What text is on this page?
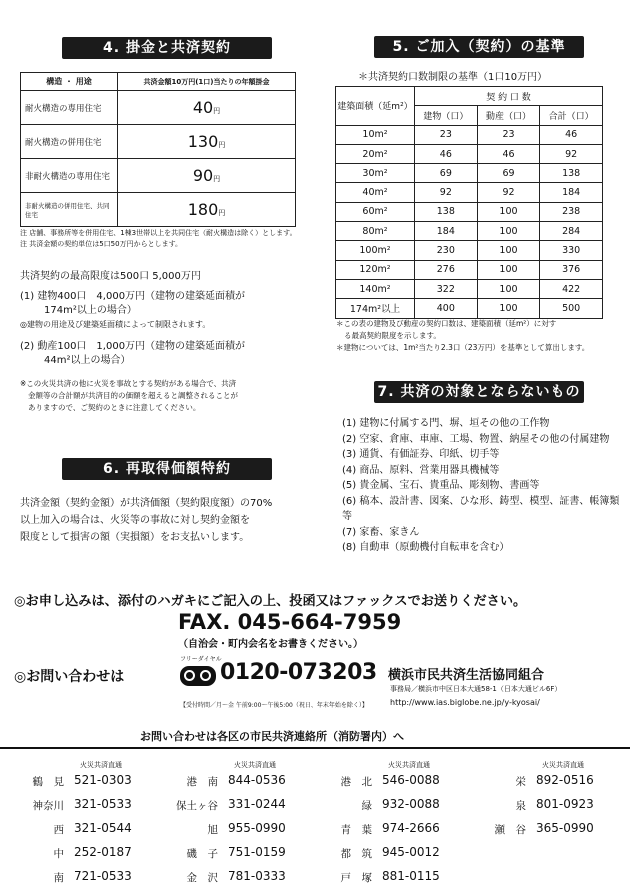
4. 掛金と共済契約
構造 ・ 用途	共済金額10万円(1口)当たりの年額掛金
耐火構造の専用住宅	40円
耐火構造の併用住宅	130円
非耐火構造の専用住宅	90円
非耐火構造の併用住宅、共同住宅	180円
注 店舗、事務所等を併用住宅、1棟3世帯以上を共同住宅（耐火構造は除く）とします。
注 共済金額の契約単位は5口50万円からとします。
共済契約の最高限度は500口 5,000万円
(1) 建物400口　4,000万円（建物の建築延面積が
174m²以上の場合）
◎建物の用途及び建築延面積によって制限されます。
(2) 動産100口　1,000万円（建物の建築延面積が
44m²以上の場合）
※この火災共済の他に火災を事故とする契約がある場合で、共済
金額等の合計額が共済目的の価額を超えると調整されることが
ありますので、ご契約のときに注意してください。
6. 再取得価額特約
共済金額（契約金額）が共済価額（契約限度額）の70%
以上加入の場合は、火災等の事故に対し契約金額を
限度として損害の額（実損額）をお支払いします。
5. ご加入（契約）の基準
＊共済契約口数制限の基準（1口10万円）
建築面積（延m²）	契 約 口 数		
	建物（口）	動産（口）	合計（口）
10m²	23	23	46
20m²	46	46	92
30m²	69	69	138
40m²	92	92	184
60m²	138	100	238
80m²	184	100	284
100m²	230	100	330
120m²	276	100	376
140m²	322	100	422
174m²以上	400	100	500
＊この表の建物及び動産の契約口数は、建築面積（延m²）に対す
る最高契約限度を示します。
＊建物については、1m²当たり2.3口（23万円）を基準として算出します。
7. 共済の対象とならないもの
(1) 建物に付属する門、塀、垣その他の工作物
(2) 空家、倉庫、車庫、工場、物置、納屋その他の付属建物
(3) 通貨、有価証券、印紙、切手等
(4) 商品、原料、営業用器具機械等
(5) 貴金属、宝石、貴重品、彫刻物、書画等
(6) 稿本、設計書、図案、ひな形、鋳型、模型、証書、帳簿類等
(7) 家畜、家きん
(8) 自動車（原動機付自転車を含む）
◎お申し込みは、添付のハガキにご記入の上、投函又はファックスでお送りください。
FAX. 045-664-7959
（自治会・町内会名をお書きください。）
◎お問い合わせは
フリーダイヤル
0120-073203
【受付時間／月～金 午前9:00～午後5:00（祝日、年末年始を除く）】
横浜市民共済生活協同組合
事務局／横浜市中区日本大通58-1（日本大通ビル6F）
http://www.ias.biglobe.ne.jp/y-kyosai/
お問い合わせは各区の市民共済連絡所（消防署内）へ
火災共済直通
鶴　見 521-0303
神奈川 321-0533
西 321-0544
中 252-0187
南 721-0533
火災共済直通
港　南 844-0536
保土ヶ谷 331-0244
旭 955-0990
磯　子 751-0159
金　沢 781-0333
火災共済直通
港　北 546-0088
緑 932-0088
青　葉 974-2666
都　筑 945-0012
戸　塚 881-0115
火災共済直通
栄 892-0516
泉 801-0923
瀬　谷 365-0990
